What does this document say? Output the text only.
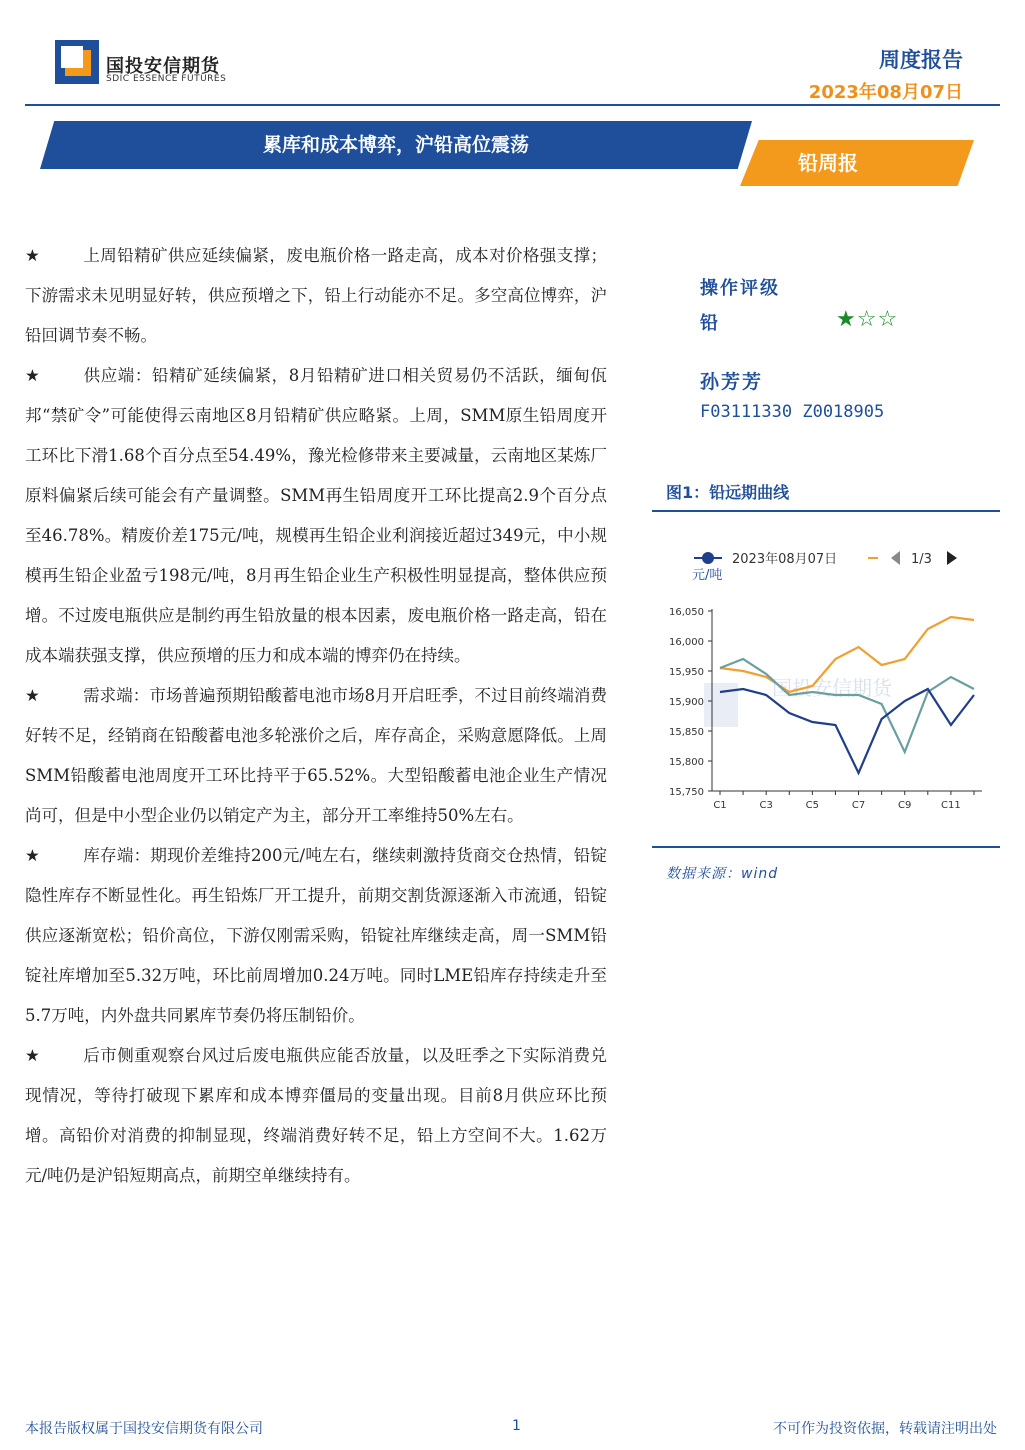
国投安信期货
SDIC ESSENCE FUTURES
周度报告
2023年08月07日
累库和成本博弈，沪铅高位震荡
铅周报

★	上周铅精矿供应延续偏紧，废电瓶价格一路走高，成本对价格强支撑；下游需求未见明显好转，供应预增之下，铅上行动能亦不足。多空高位博弈，沪铅回调节奏不畅。

★	供应端：铅精矿延续偏紧，8月铅精矿进口相关贸易仍不活跃，缅甸佤邦“禁矿令”可能使得云南地区8月铅精矿供应略紧。上周，SMM原生铅周度开工环比下滑1.68个百分点至54.49%，豫光检修带来主要减量，云南地区某炼厂原料偏紧后续可能会有产量调整。SMM再生铅周度开工环比提高2.9个百分点至46.78%。精废价差175元/吨，规模再生铅企业利润接近超过349元，中小规模再生铅企业盈亏198元/吨，8月再生铅企业生产积极性明显提高，整体供应预增。不过废电瓶供应是制约再生铅放量的根本因素，废电瓶价格一路走高，铅在成本端获强支撑，供应预增的压力和成本端的博弈仍在持续。

★	需求端：市场普遍预期铅酸蓄电池市场8月开启旺季，不过目前终端消费好转不足，经销商在铅酸蓄电池多轮涨价之后，库存高企，采购意愿降低。上周SMM铅酸蓄电池周度开工环比持平于65.52%。大型铅酸蓄电池企业生产情况尚可，但是中小型企业仍以销定产为主，部分开工率维持50%左右。

★	库存端：期现价差维持200元/吨左右，继续刺激持货商交仓热情，铅锭隐性库存不断显性化。再生铅炼厂开工提升，前期交割货源逐渐入市流通，铅锭供应逐渐宽松；铅价高位，下游仅刚需采购，铅锭社库继续走高，周一SMM铅锭社库增加至5.32万吨，环比前周增加0.24万吨。同时LME铅库存持续走升至5.7万吨，内外盘共同累库节奏仍将压制铅价。

★	后市侧重观察台风过后废电瓶供应能否放量，以及旺季之下实际消费兑现情况，等待打破现下累库和成本博弈僵局的变量出现。目前8月供应环比预增。高铅价对消费的抑制显现，终端消费好转不足，铅上方空间不大。1.62万元/吨仍是沪铅短期高点，前期空单继续持有。

操作评级
铅	★☆☆
孙芳芳
F03111330 Z0018905
图1：铅远期曲线
国投安信期货
2023年08月07日	1/3
元/吨
16,050
16,000
15,950
15,900
15,850
15,800
15,750
C1	C3	C5	C7	C9	C11
数据来源：wind
本报告版权属于国投安信期货有限公司	1	不可作为投资依据，转载请注明出处
